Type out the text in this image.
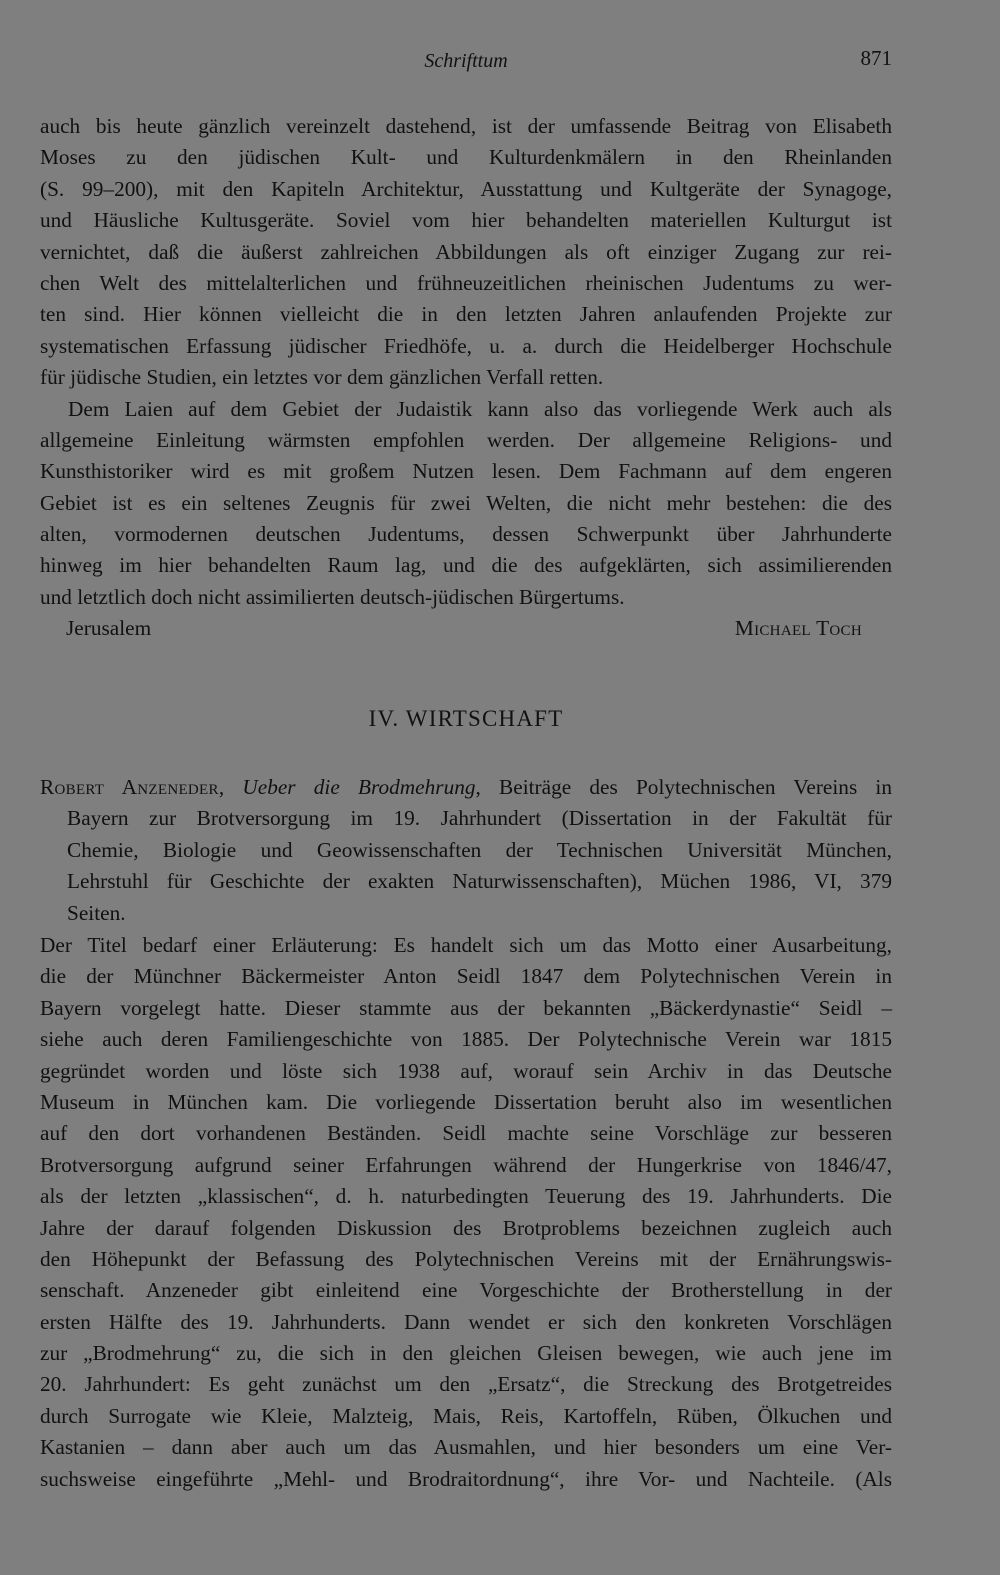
Schrifttum	871
auch bis heute gänzlich vereinzelt dastehend, ist der umfassende Beitrag von Elisabeth
Moses zu den jüdischen Kult- und Kulturdenkmälern in den Rheinlanden
(S. 99–200), mit den Kapiteln Architektur, Ausstattung und Kultgeräte der Synagoge,
und Häusliche Kultusgeräte. Soviel vom hier behandelten materiellen Kulturgut ist
vernichtet, daß die äußerst zahlreichen Abbildungen als oft einziger Zugang zur rei-
chen Welt des mittelalterlichen und frühneuzeitlichen rheinischen Judentums zu wer-
ten sind. Hier können vielleicht die in den letzten Jahren anlaufenden Projekte zur
systematischen Erfassung jüdischer Friedhöfe, u. a. durch die Heidelberger Hochschule
für jüdische Studien, ein letztes vor dem gänzlichen Verfall retten.
Dem Laien auf dem Gebiet der Judaistik kann also das vorliegende Werk auch als
allgemeine Einleitung wärmsten empfohlen werden. Der allgemeine Religions- und
Kunsthistoriker wird es mit großem Nutzen lesen. Dem Fachmann auf dem engeren
Gebiet ist es ein seltenes Zeugnis für zwei Welten, die nicht mehr bestehen: die des
alten, vormodernen deutschen Judentums, dessen Schwerpunkt über Jahrhunderte
hinweg im hier behandelten Raum lag, und die des aufgeklärten, sich assimilierenden
und letztlich doch nicht assimilierten deutsch-jüdischen Bürgertums.
Jerusalem	Michael Toch
IV. WIRTSCHAFT
Robert Anzeneder, Ueber die Brodmehrung, Beiträge des Polytechnischen Vereins in
Bayern zur Brotversorgung im 19. Jahrhundert (Dissertation in der Fakultät für
Chemie, Biologie und Geowissenschaften der Technischen Universität München,
Lehrstuhl für Geschichte der exakten Naturwissenschaften), Müchen 1986, VI, 379
Seiten.
Der Titel bedarf einer Erläuterung: Es handelt sich um das Motto einer Ausarbeitung,
die der Münchner Bäckermeister Anton Seidl 1847 dem Polytechnischen Verein in
Bayern vorgelegt hatte. Dieser stammte aus der bekannten „Bäckerdynastie“ Seidl –
siehe auch deren Familiengeschichte von 1885. Der Polytechnische Verein war 1815
gegründet worden und löste sich 1938 auf, worauf sein Archiv in das Deutsche
Museum in München kam. Die vorliegende Dissertation beruht also im wesentlichen
auf den dort vorhandenen Beständen. Seidl machte seine Vorschläge zur besseren
Brotversorgung aufgrund seiner Erfahrungen während der Hungerkrise von 1846/47,
als der letzten „klassischen“, d. h. naturbedingten Teuerung des 19. Jahrhunderts. Die
Jahre der darauf folgenden Diskussion des Brotproblems bezeichnen zugleich auch
den Höhepunkt der Befassung des Polytechnischen Vereins mit der Ernährungswis-
senschaft. Anzeneder gibt einleitend eine Vorgeschichte der Brotherstellung in der
ersten Hälfte des 19. Jahrhunderts. Dann wendet er sich den konkreten Vorschlägen
zur „Brodmehrung“ zu, die sich in den gleichen Gleisen bewegen, wie auch jene im
20. Jahrhundert: Es geht zunächst um den „Ersatz“, die Streckung des Brotgetreides
durch Surrogate wie Kleie, Malzteig, Mais, Reis, Kartoffeln, Rüben, Ölkuchen und
Kastanien – dann aber auch um das Ausmahlen, und hier besonders um eine Ver-
suchsweise eingeführte „Mehl- und Brodraitordnung“, ihre Vor- und Nachteile. (Als
